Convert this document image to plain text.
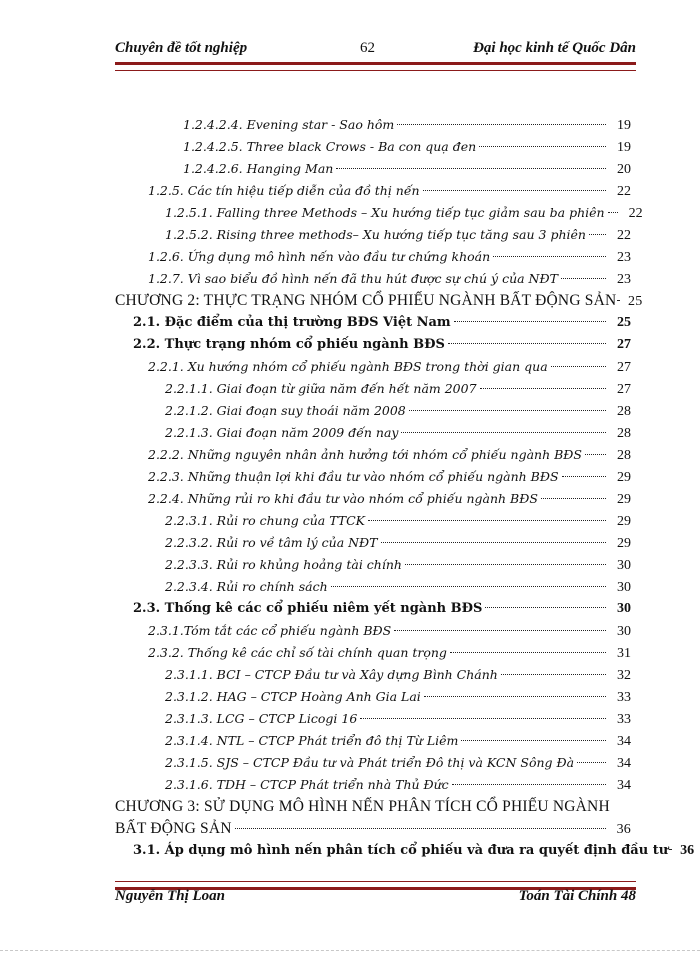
Chuyên đề tốt nghiệp	62	Đại học kinh tế Quốc Dân
1.2.4.2.4. Evening star - Sao hôm	19
1.2.4.2.5. Three black Crows - Ba con quạ đen	19
1.2.4.2.6. Hanging Man	20
1.2.5. Các tín hiệu tiếp diễn của đồ thị nến	22
1.2.5.1. Falling three Methods – Xu hướng tiếp tục giảm sau ba phiên	22
1.2.5.2. Rising three methods– Xu hướng tiếp tục tăng sau 3 phiên	22
1.2.6. Ứng dụng mô hình nến vào đầu tư chứng khoán	23
1.2.7. Vì sao biểu đồ hình nến đã thu hút được sự chú ý của NĐT	23
CHƯƠNG 2: THỰC TRẠNG NHÓM CỔ PHIẾU NGÀNH BẤT ĐỘNG SẢN 25
2.1. Đặc điểm của thị trường BĐS Việt Nam	25
2.2. Thực trạng nhóm cổ phiếu ngành BĐS	27
2.2.1. Xu hướng nhóm cổ phiếu ngành BĐS trong thời gian qua	27
2.2.1.1. Giai đoạn từ giữa năm đến hết năm 2007	27
2.2.1.2. Giai đoạn suy thoái năm 2008	28
2.2.1.3. Giai đoạn năm 2009 đến nay	28
2.2.2. Những nguyên nhân ảnh hưởng tới nhóm cổ phiếu ngành BĐS	28
2.2.3. Những thuận lợi khi đầu tư vào nhóm cổ phiếu ngành BĐS	29
2.2.4. Những rủi ro khi đầu tư vào nhóm cổ phiếu ngành BĐS	29
2.2.3.1. Rủi ro chung của TTCK	29
2.2.3.2. Rủi ro về tâm lý của NĐT	29
2.2.3.3. Rủi ro khủng hoảng tài chính	30
2.2.3.4. Rủi ro chính sách	30
2.3. Thống kê các cổ phiếu niêm yết ngành BĐS	30
2.3.1.Tóm tắt các cổ phiếu ngành BĐS	30
2.3.2. Thống kê các chỉ số tài chính quan trọng	31
2.3.1.1. BCI – CTCP Đầu tư và Xây dựng Bình Chánh	32
2.3.1.2. HAG – CTCP Hoàng Anh Gia Lai	33
2.3.1.3. LCG – CTCP Licogi 16	33
2.3.1.4. NTL – CTCP Phát triển đô thị Từ Liêm	34
2.3.1.5. SJS – CTCP Đầu tư và Phát triển Đô thị và KCN Sông Đà	34
2.3.1.6. TDH – CTCP Phát triển nhà Thủ Đức	34
CHƯƠNG 3: SỬ DỤNG MÔ HÌNH NẾN PHÂN TÍCH CỔ PHIẾU NGÀNH
BẤT ĐỘNG SẢN	36
3.1. Áp dụng mô hình nến phân tích cổ phiếu và đưa ra quyết định đầu tư 36
Nguyễn Thị Loan	Toán Tài Chính 48
